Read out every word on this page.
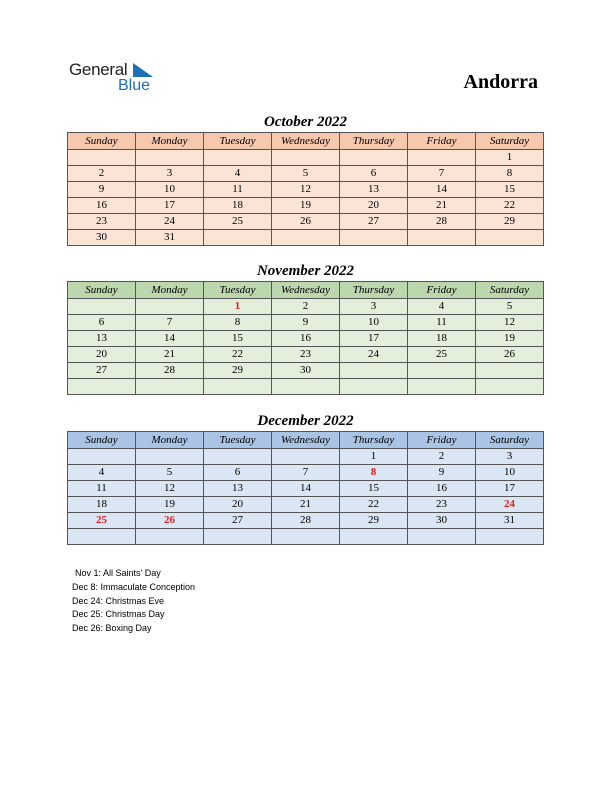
General
Blue	Andorra
October 2022
Sunday	Monday	Tuesday	Wednesday	Thursday	Friday	Saturday
						1
2	3	4	5	6	7	8
9	10	11	12	13	14	15
16	17	18	19	20	21	22
23	24	25	26	27	28	29
30	31					
November 2022
Sunday	Monday	Tuesday	Wednesday	Thursday	Friday	Saturday
		1	2	3	4	5
6	7	8	9	10	11	12
13	14	15	16	17	18	19
20	21	22	23	24	25	26
27	28	29	30			

December 2022
Sunday	Monday	Tuesday	Wednesday	Thursday	Friday	Saturday
				1	2	3
4	5	6	7	8	9	10
11	12	13	14	15	16	17
18	19	20	21	22	23	24
25	26	27	28	29	30	31

Nov 1: All Saints' Day
Dec 8: Immaculate Conception
Dec 24: Christmas Eve
Dec 25: Christmas Day
Dec 26: Boxing Day
